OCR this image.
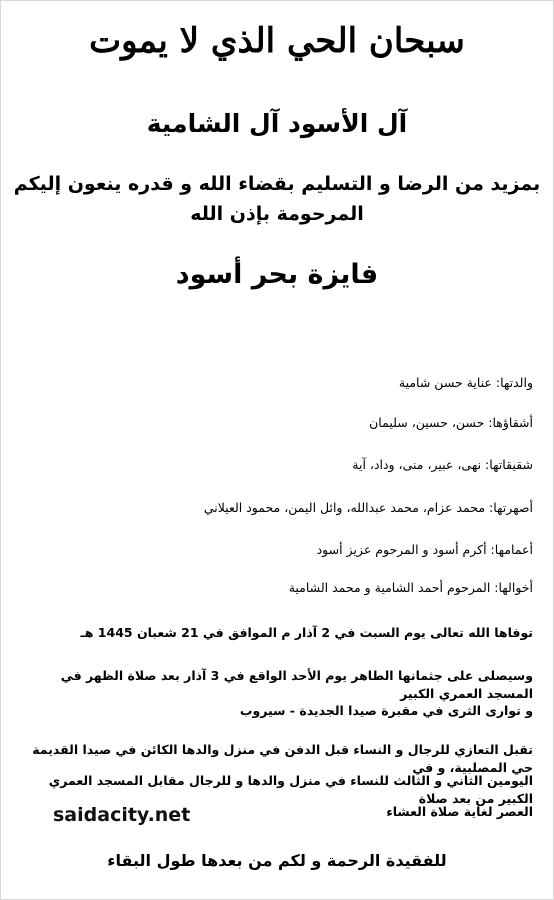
سبحان الحي الذي لا يموت
آل الأسود آل الشامية
بمزيد من الرضا و التسليم بقضاء الله و قدره ينعون إليكم
المرحومة بإذن الله
فايزة بحر أسود
والدتها: عناية حسن شامية
أشقاؤها: حسن، حسين، سليمان
شقيقاتها: نهى، عبير، منى، وداد، آية
أصهرتها: محمد عزام، محمد عبدالله، وائل اليمن، محمود العيلاني
أعمامها: أكرم أسود و المرحوم عزيز أسود
أخوالها: المرحوم أحمد الشامية و محمد الشامية
توفاها الله تعالى يوم السبت في 2 آذار م الموافق في 21 شعبان 1445 هـ
وسيصلى على جثمانها الطاهر يوم الأحد الواقع في 3 آذار بعد صلاة الظهر في المسجد العمري الكبير
و توارى الثرى في مقبرة صيدا الجديدة - سيروب
تقبل التعازي للرجال و النساء قبل الدفن في منزل والدها الكائن في صيدا القديمة حي المصلبية، و في
اليومين الثاني و الثالث للنساء في منزل والدها و للرجال مقابل المسجد العمري الكبير من بعد صلاة
العصر لغاية صلاة العشاء
saidacity.net
للفقيدة الرحمة و لكم من بعدها طول البقاء
